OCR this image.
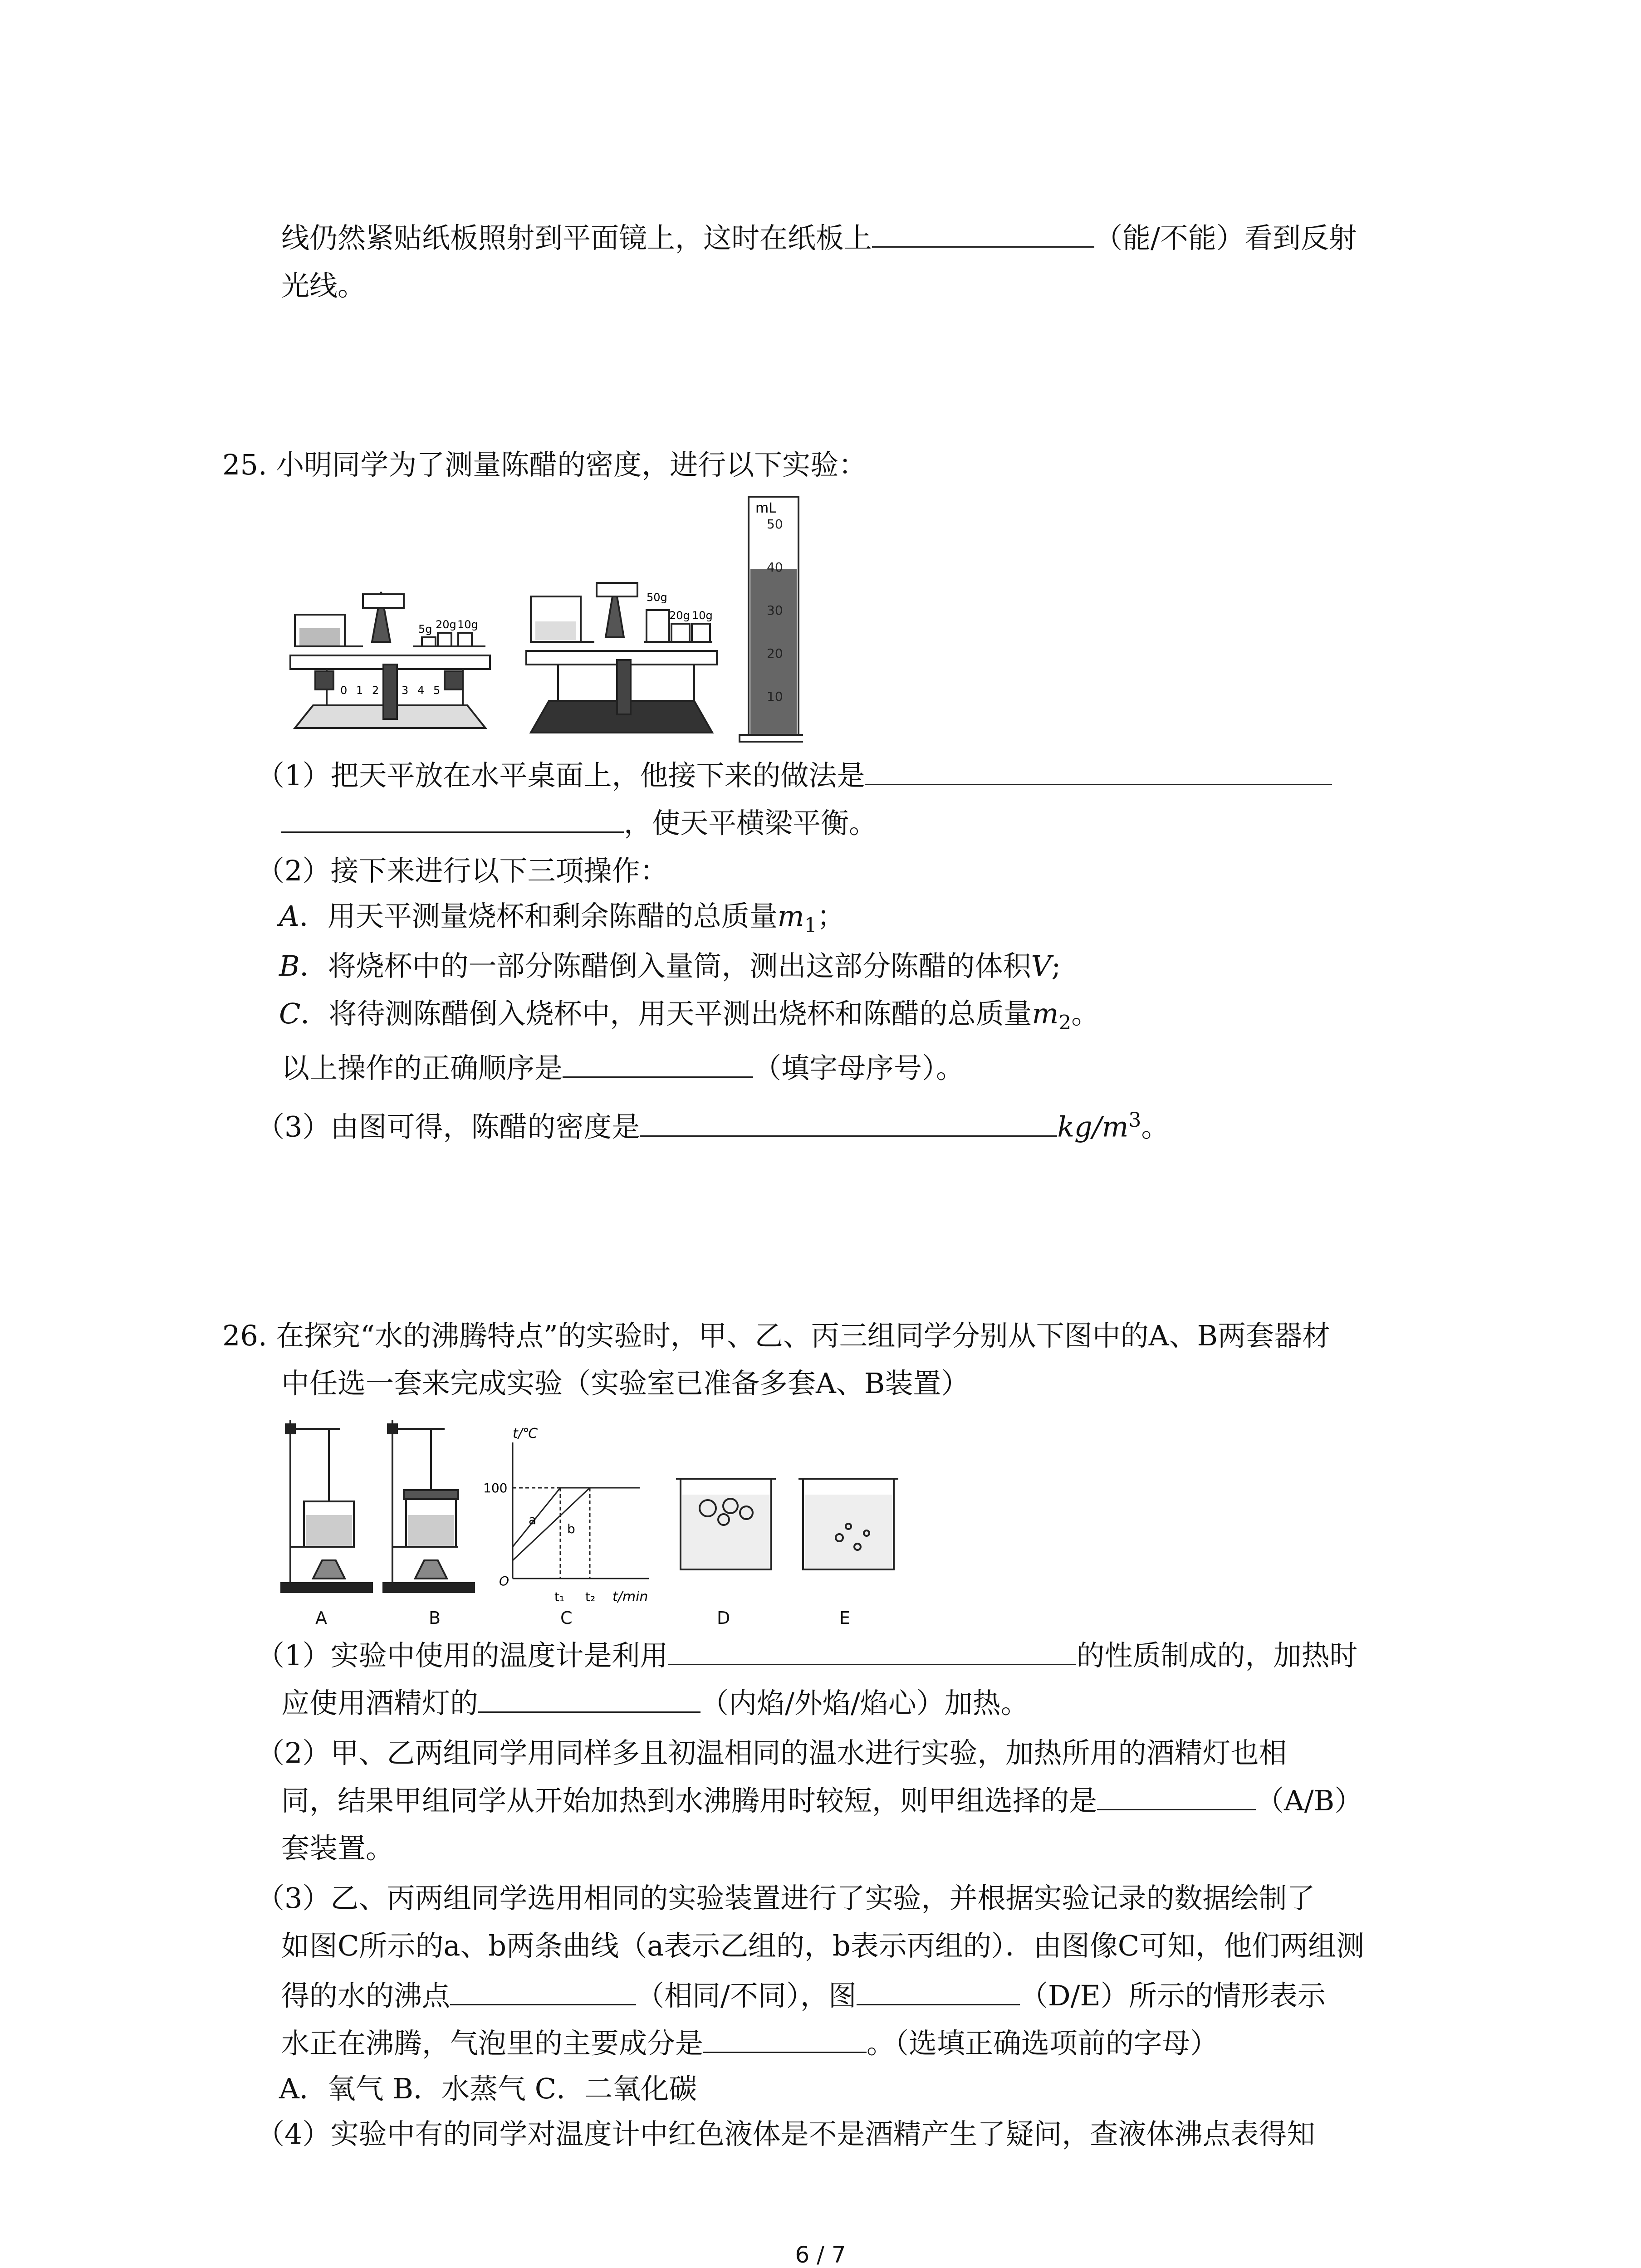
线仍然紧贴纸板照射到平面镜上，这时在纸板上	（能/不能）看到反射
光线。
25. 小明同学为了测量陈醋的密度，进行以下实验：
5g 20g 10g
0 1 2 3 4 5
50g
20g 10g
mL
50
40
30
20
10
（1）把天平放在水平桌面上，他接下来的做法是
，使天平横梁平衡。
（2）接下来进行以下三项操作：
A．用天平测量烧杯和剩余陈醋的总质量$m_1$；
B．将烧杯中的一部分陈醋倒入量筒，测出这部分陈醋的体积V;
C．将待测陈醋倒入烧杯中，用天平测出烧杯和陈醋的总质量$m_2$。
以上操作的正确顺序是	（填字母序号）。
（3）由图可得，陈醋的密度是	$kg/m^3$。
26. 在探究“水的沸腾特点”的实验时，甲、乙、丙三组同学分别从下图中的A、B两套器材
中任选一套来完成实验（实验室已准备多套A、B装置）
t/℃
100
O
a
b
t₁ t₂ t/min
A	B	C	D	E
（1）实验中使用的温度计是利用	的性质制成的，加热时
应使用酒精灯的	（内焰/外焰/焰心）加热。
（2）甲、乙两组同学用同样多且初温相同的温水进行实验，加热所用的酒精灯也相
同，结果甲组同学从开始加热到水沸腾用时较短，则甲组选择的是	（A/B）
套装置。
（3）乙、丙两组同学选用相同的实验装置进行了实验，并根据实验记录的数据绘制了
如图C所示的a、b两条曲线（a表示乙组的，b表示丙组的）．由图像C可知，他们两组测
得的水的沸点	（相同/不同），图	（D/E）所示的情形表示
水正在沸腾，气泡里的主要成分是	。（选填正确选项前的字母）
A．氧气 B．水蒸气 C．二氧化碳
（4）实验中有的同学对温度计中红色液体是不是酒精产生了疑问，查液体沸点表得知
6 / 7
